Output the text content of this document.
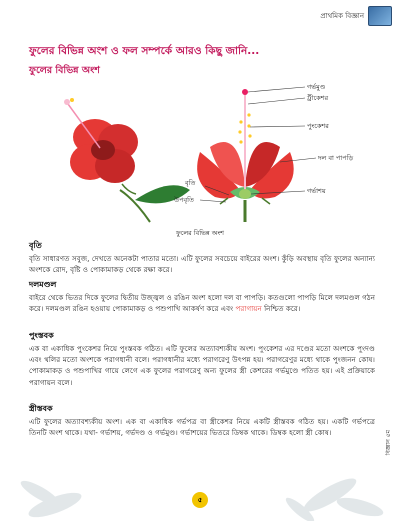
প্রাথমিক বিজ্ঞান
ফুলের বিভিন্ন অংশ ও ফল সম্পর্কে আরও কিছু জানি...
ফুলের বিভিন্ন অংশ
গর্ভমুণ্ড
ট্রীকেশর
পুংকেশর
দল বা পাপড়ি
বৃতি
উপবৃতি
গর্ভাশয়
ফুলের বিভিন্ন অংশ

বৃতি

বৃতি সাধারণত সবুজ, দেখতে অনেকটা পাতার মতো। এটি ফুলের সবচেয়ে বাইরের অংশ। কুঁড়ি অবস্থায় বৃতি ফুলের অন্যান্য অংশকে রোদ, বৃষ্টি ও পোকামাকড় থেকে রক্ষা করে।

দলমণ্ডল

বাইরে থেকে ভিতর দিকে ফুলের দ্বিতীয় উজ্জ্বল ও রঙিন অংশ হলো দল বা পাপড়ি। কতগুলো পাপড়ি মিলে দলমণ্ডল গঠন করে। দলমণ্ডল রঙিন হওয়ায় পোকামাকড় ও পশুপাখি আকর্ষণ করে এবং পরাগায়ন নিশ্চিত করে।

পুংস্তবক

এক বা একাধিক পুংকেশর নিয়ে পুংস্তবক গঠিত। এটি ফুলের অত্যাবশ্যকীয় অংশ। পুংকেশর এর দণ্ডের মতো অংশকে পুংদণ্ড এবং থলির মতো অংশকে পরাগধানী বলে। পরাগধানীর মধ্যে পরাগরেণু উৎপন্ন হয়। পরাগরেণুর মধ্যে থাকে পুংজনন কোষ। পোকামাকড় ও পশুপাখির গায়ে লেগে এক ফুলের পরাগরেণু অন্য ফুলের স্ত্রী কেশরের গর্ভমুণ্ডে পতিত হয়। এই প্রক্রিয়াকে পরাগায়ন বলে।

স্ত্রীস্তবক

এটি ফুলের অত্যাবশ্যকীয় অংশ। এক বা একাধিক গর্ভপত্র বা স্ত্রীকেশর নিয়ে একটি স্ত্রীস্তবক গঠিত হয়। একটি গর্ভপত্রে তিনটি অংশ থাকে। যথা- গর্ভাশয়, গর্ভদণ্ড ও গর্ভমুণ্ড। গর্ভাশয়ের ভিতরে ডিম্বক থাকে। ডিম্বক হলো স্ত্রী কোষ।

৫
বিজ্ঞান ৫ম
